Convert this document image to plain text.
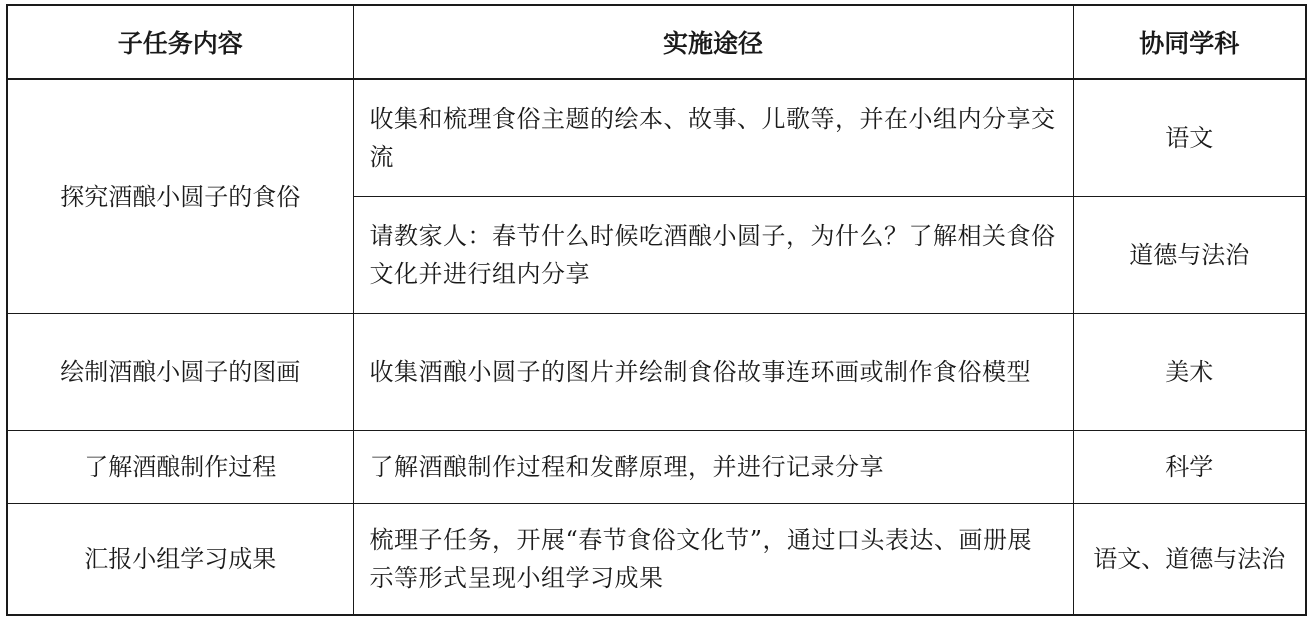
子任务内容	实施途径	协同学科
探究酒酿小圆子的食俗	收集和梳理食俗主题的绘本、故事、儿歌等，并在小组内分享交流	语文
	请教家人：春节什么时候吃酒酿小圆子，为什么？了解相关食俗文化并进行组内分享	道德与法治
绘制酒酿小圆子的图画	收集酒酿小圆子的图片并绘制食俗故事连环画或制作食俗模型	美术
了解酒酿制作过程	了解酒酿制作过程和发酵原理，并进行记录分享	科学
汇报小组学习成果	梳理子任务，开展“春节食俗文化节”，通过口头表达、画册展示等形式呈现小组学习成果	语文、道德与法治
